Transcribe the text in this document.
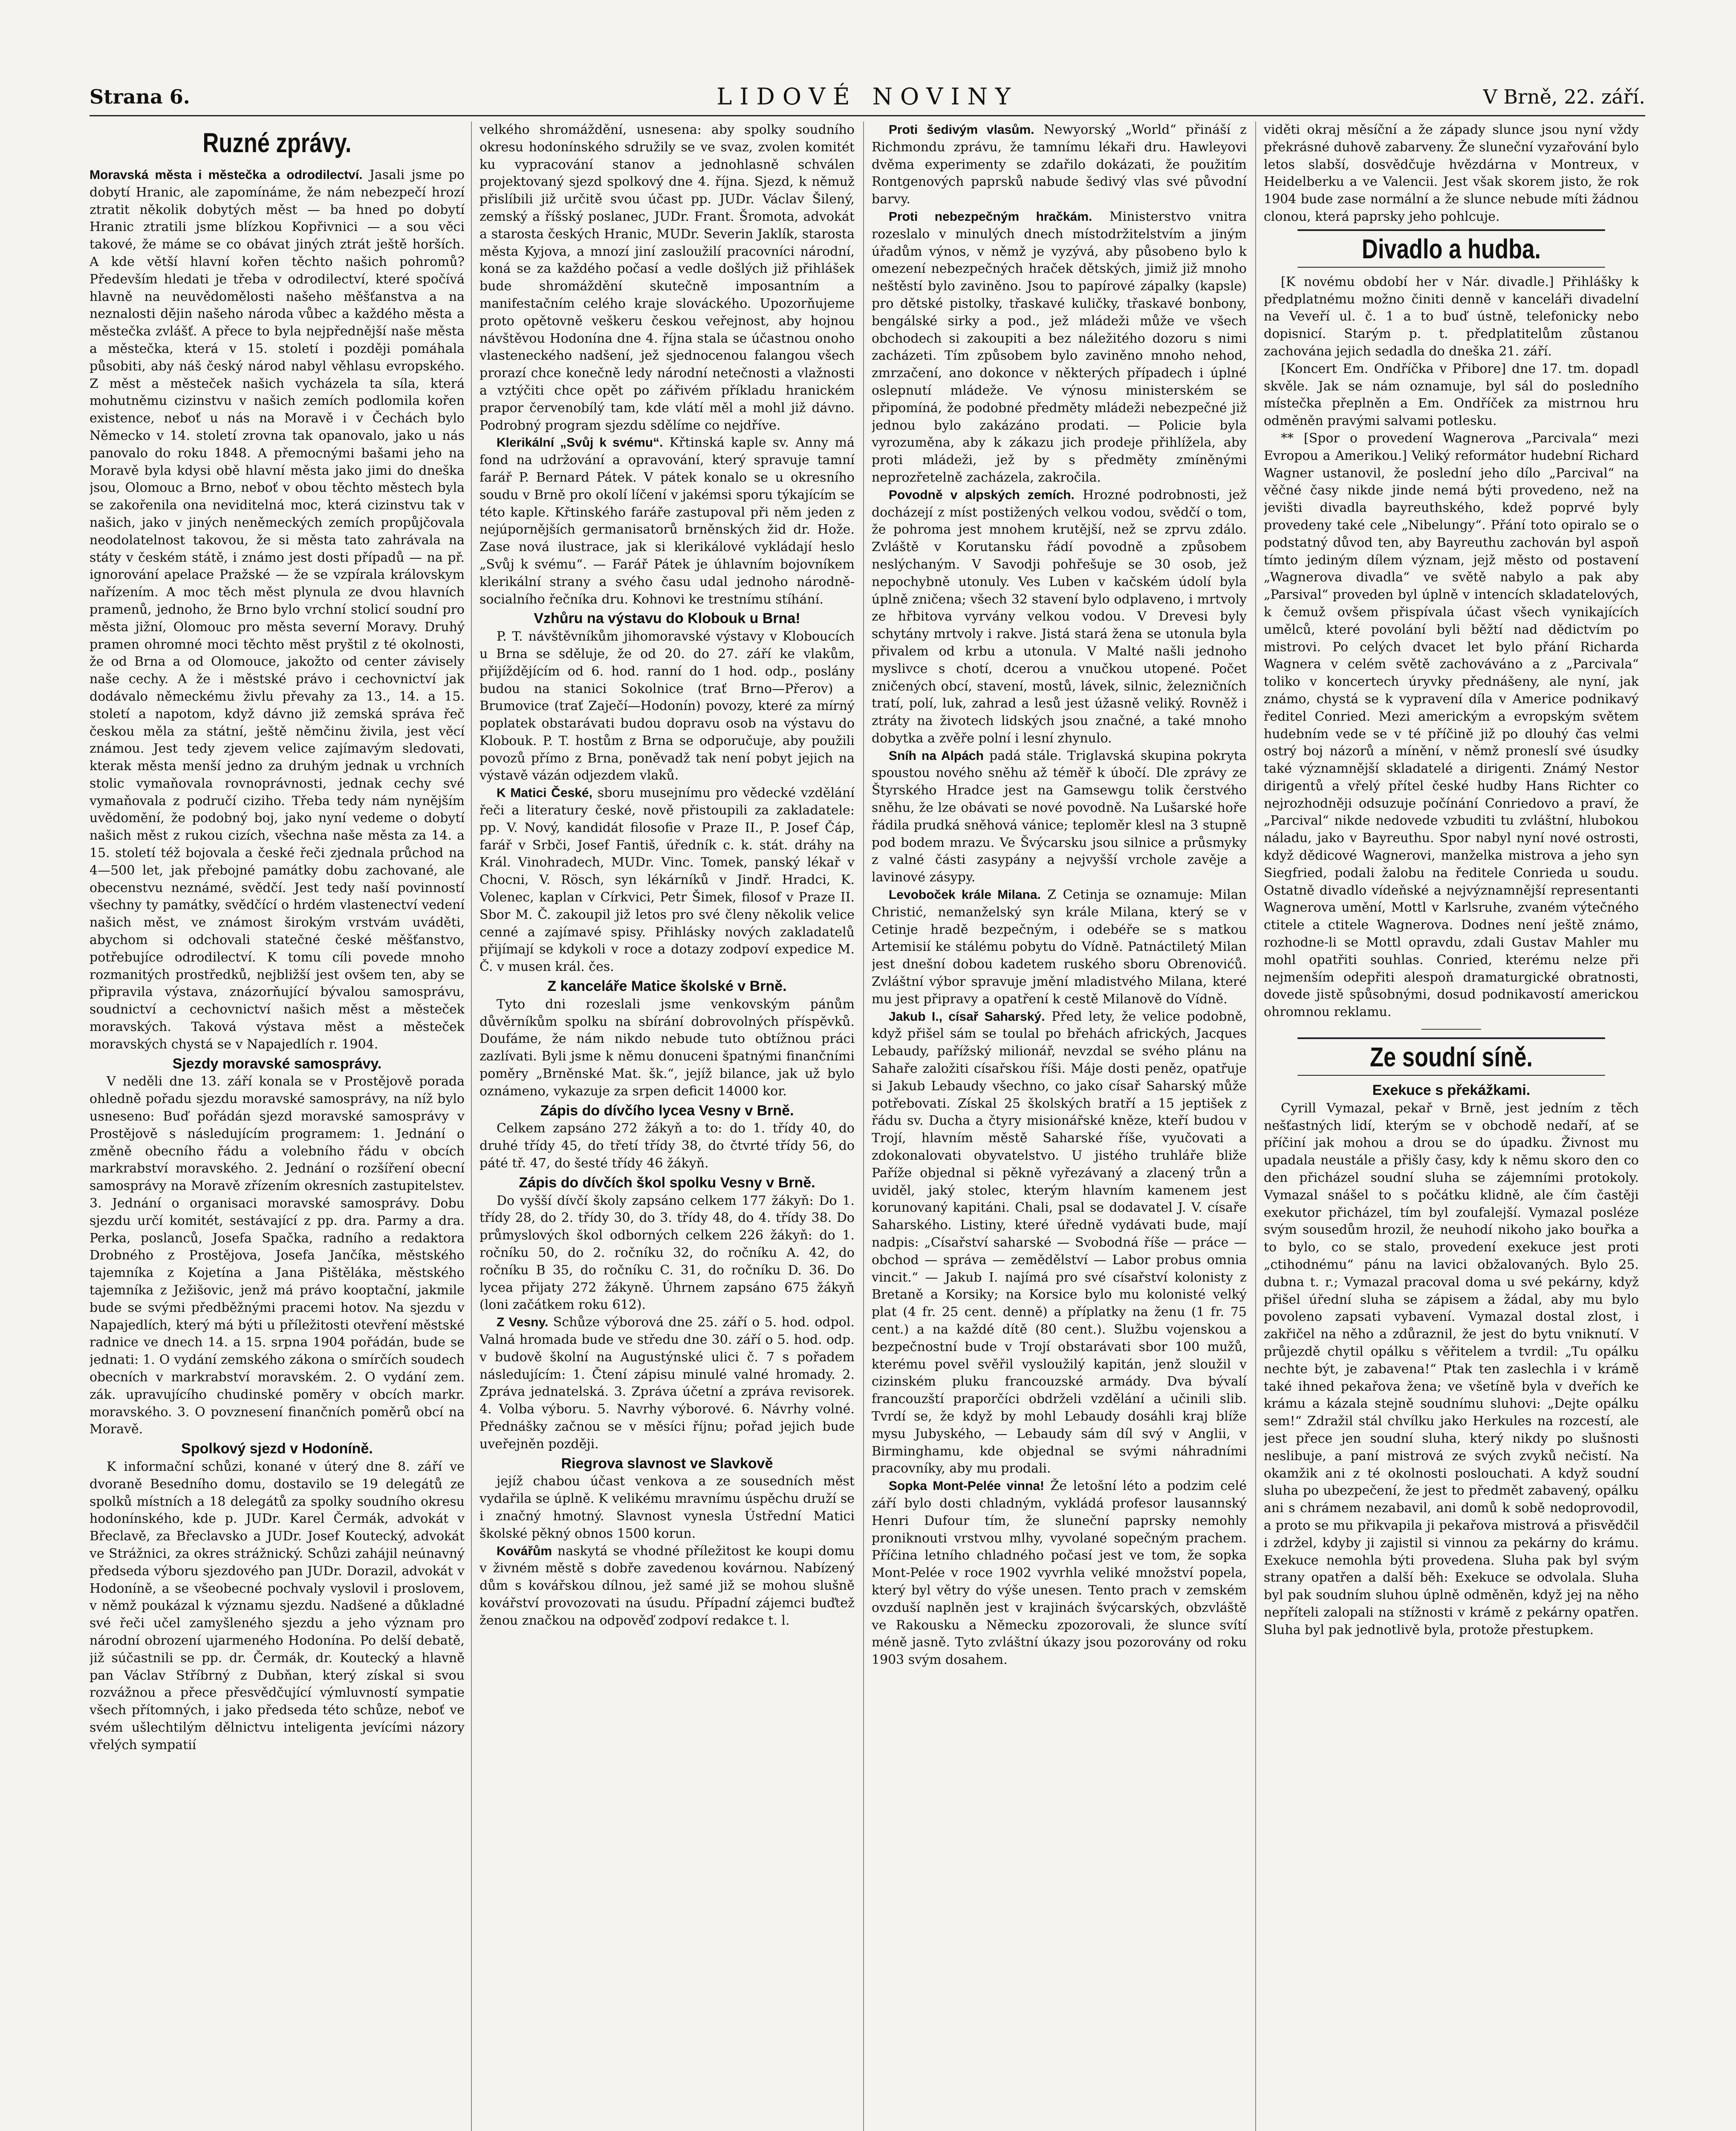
Strana 6.	LIDOVÉ NOVINY	V Brně, 22. září.
Ruzné zprávy.

Moravská města i městečka a odrodilectví. Jasali jsme po dobytí Hranic, ale zapomínáme, že nám nebezpečí hrozí ztratit několik dobytých měst — ba hned po dobytí Hranic ztratili jsme blízkou Kopřivnici — a sou věci takové, že máme se co obávat jiných ztrát ještě horších. A kde větší hlavní kořen těchto našich pohromů? Především hledati je třeba v odrodilectví, které spočívá hlavně na neuvědomělosti našeho měšťanstva a na neznalosti dějin našeho národa vůbec a každého města a městečka zvlášť. A přece to byla nejpřednější naše města a městečka, která v 15. století i později pomáhala působiti, aby náš český národ nabyl věhlasu evropského. Z měst a městeček našich vycházela ta síla, která mohutněmu cizinstvu v našich zemích podlomila kořen existence, neboť u nás na Moravě i v Čechách bylo Německo v 14. století zrovna tak opanovalo, jako u nás panovalo do roku 1848. A přemocnými bašami jeho na Moravě byla kdysi obě hlavní města jako jimi do dneška jsou, Olomouc a Brno, neboť v obou těchto městech byla se zakořenila ona neviditelná moc, která cizinstvu tak v našich, jako v jiných neněmeckých zemích propůjčovala neodolatelnost takovou, že si města tato zahrávala na státy v českém státě, i známo jest dosti případů — na př. ignorování apelace Pražské — že se vzpírala královskym nařízením. A moc těch měst plynula ze dvou hlavních pramenů, jednoho, že Brno bylo vrchní stolicí soudní pro města jižní, Olomouc pro města severní Moravy. Druhý pramen ohromné moci těchto měst pryštil z té okolnosti, že od Brna a od Olomouce, jakožto od center závisely naše cechy. A že i městské právo i cechovnictví jak dodávalo německému živlu převahy za 13., 14. a 15. století a napotom, když dávno již zemská správa řeč českou měla za státní, ještě němčinu živila, jest věcí známou. Jest tedy zjevem velice zajímavým sledovati, kterak města menší jedno za druhým jednak u vrchních stolic vymaňovala rovnoprávnosti, jednak cechy své vymaňovala z područí ciziho. Třeba tedy nám nynějším uvědomění, že podobný boj, jako nyní vedeme o dobytí našich měst z rukou cizích, všechna naše města za 14. a 15. století též bojovala a české řeči zjednala průchod na 4—500 let, jak přebojné památky dobu zachované, ale obecenstvu neznámé, svědčí. Jest tedy naší povinností všechny ty památky, svědčící o hrdém vlastenectví vedení našich měst, ve známost širokým vrstvám uváděti, abychom si odchovali statečné české měšťanstvo, potřebujíce odrodilectví. K tomu cíli povede mnoho rozmanitých prostředků, nejbližší jest ovšem ten, aby se připravila výstava, znázorňující bývalou samosprávu, soudnictví a cechovnictví našich měst a městeček moravských. Taková výstava měst a městeček moravských chystá se v Napajedlích r. 1904.

Sjezdy moravské samosprávy.

V neděli dne 13. září konala se v Prostějově porada ohledně pořadu sjezdu moravské samosprávy, na níž bylo usneseno: Buď pořádán sjezd moravské samosprávy v Prostějově s následujícím programem: 1. Jednání o změně obecního řádu a volebního řádu v obcích markrabství moravského. 2. Jednání o rozšíření obecní samosprávy na Moravě zřízením okresních zastupitelstev. 3. Jednání o organisaci moravské samosprávy. Dobu sjezdu určí komitét, sestávající z pp. dra. Parmy a dra. Perka, poslanců, Josefa Spačka, radního a redaktora Drobného z Prostějova, Josefa Jančíka, městského tajemníka z Kojetína a Jana Pištěláka, městského tajemníka z Ježišovic, jenž má právo kooptační, jakmile bude se svými předběžnými pracemi hotov. Na sjezdu v Napajedlích, který má býti u příležitosti otevření městské radnice ve dnech 14. a 15. srpna 1904 pořádán, bude se jednati: 1. O vydání zemského zákona o smírčích soudech obecních v markrabství moravském. 2. O vydání zem. zák. upravujícího chudinské poměry v obcích markr. moravského. 3. O povznesení finančních poměrů obcí na Moravě.

Spolkový sjezd v Hodoníně.

K informační schůzi, konané v úterý dne 8. září ve dvoraně Besedního domu, dostavilo se 19 delegátů ze spolků místních a 18 delegátů za spolky soudního okresu hodonínského, kde p. JUDr. Karel Čermák, advokát v Břeclavě, za Břeclavsko a JUDr. Josef Koutecký, advokát ve Strážnici, za okres strážnický. Schůzi zahájil neúnavný předseda výboru sjezdového pan JUDr. Dorazil, advokát v Hodoníně, a se všeobecné pochvaly vyslovil i proslovem, v němž poukázal k významu sjezdu. Nadšené a důkladné své řeči učel zamyšleného sjezdu a jeho význam pro národní obrození ujarmeného Hodonína. Po delší debatě, již súčastnili se pp. dr. Čermák, dr. Koutecký a hlavně pan Václav Stříbrný z Dubňan, který získal si svou rozvážnou a přece přesvědčující výmluvností sympatie všech přítomných, i jako předseda této schůze, neboť ve svém ušlechtilým dělnictvu inteligenta jevícími názory vřelých sympatií

velkého shromáždění, usnesena: aby spolky soudního okresu hodonínského sdružily se ve svaz, zvolen komitét ku vypracování stanov a jednohlasně schválen projektovaný sjezd spolkový dne 4. října. Sjezd, k němuž přislíbili již určitě svou účast pp. JUDr. Václav Šilený, zemský a říšský poslanec, JUDr. Frant. Šromota, advokát a starosta českých Hranic, MUDr. Severin Jaklík, starosta města Kyjova, a mnozí jiní zasloužilí pracovníci národní, koná se za každého počasí a vedle došlých již přihlášek bude shromáždění skutečně imposantním a manifestačním celého kraje slováckého. Upozorňujeme proto opětovně veškeru českou veřejnost, aby hojnou návštěvou Hodonína dne 4. října stala se účastnou onoho vlasteneckého nadšení, jež sjednocenou falangou všech prorazí chce konečně ledy národní netečnosti a vlažnosti a vztýčiti chce opět po zářivém příkladu hranickém prapor červenobílý tam, kde vlátí měl a mohl již dávno. Podrobný program sjezdu sdělíme co nejdříve.

Klerikální „Svůj k svému“. Křtinská kaple sv. Anny má fond na udržování a opravování, který spravuje tamní farář P. Bernard Pátek. V pátek konalo se u okresního soudu v Brně pro okolí líčení v jakémsi sporu týkajícím se této kaple. Křtinského faráře zastupoval při něm jeden z nejúpornějších germanisatorů brněnských žid dr. Hože. Zase nová ilustrace, jak si klerikálové vykládají heslo „Svůj k svému“. — Farář Pátek je úhlavním bojovníkem klerikální strany a svého času udal jednoho národně-socialního řečníka dru. Kohnovi ke trestnímu stíhání.

Vzhůru na výstavu do Klobouk u Brna!

P. T. návštěvníkům jihomoravské výstavy v Kloboucích u Brna se sděluje, že od 20. do 27. září ke vlakům, přijíždějícím od 6. hod. ranní do 1 hod. odp., poslány budou na stanici Sokolnice (trať Brno—Přerov) a Brumovice (trať Zaječí—Hodonín) povozy, které za mírný poplatek obstarávati budou dopravu osob na výstavu do Klobouk. P. T. hostům z Brna se odporučuje, aby použili povozů přímo z Brna, poněvadž tak není pobyt jejich na výstavě vázán odjezdem vlaků.

K Matici České, sboru musejnímu pro vědecké vzdělání řeči a literatury české, nově přistoupili za zakladatele: pp. V. Nový, kandidát filosofie v Praze II., P. Josef Čáp, farář v Srbči, Josef Fantiš, úředník c. k. stát. dráhy na Král. Vinohradech, MUDr. Vinc. Tomek, panský lékař v Chocni, V. Rösch, syn lékárníků v Jindř. Hradci, K. Volenec, kaplan v Církvici, Petr Šimek, filosof v Praze II. Sbor M. Č. zakoupil již letos pro své členy několik velice cenné a zajímavé spisy. Přihlásky nových zakladatelů přijímají se kdykoli v roce a dotazy zodpoví expedice M. Č. v musen král. čes.

Z kanceláře Matice školské v Brně.

Tyto dni rozeslali jsme venkovským pánům důvěrníkům spolku na sbírání dobrovolných příspěvků. Doufáme, že nám nikdo nebude tuto obtížnou práci zazlívati. Byli jsme k němu donuceni špatnými finančními poměry „Brněnské Mat. šk.“, jejíž bilance, jak už bylo oznámeno, vykazuje za srpen deficit 14000 kor.

Zápis do dívčího lycea Vesny v Brně.

Celkem zapsáno 272 žákyň a to: do 1. třídy 40, do druhé třídy 45, do třetí třídy 38, do čtvrté třídy 56, do páté tř. 47, do šesté třídy 46 žákyň.

Zápis do dívčích škol spolku Vesny v Brně.

Do vyšší dívčí školy zapsáno celkem 177 žákyň: Do 1. třídy 28, do 2. třídy 30, do 3. třídy 48, do 4. třídy 38. Do průmyslových škol odborných celkem 226 žákyň: do 1. ročníku 50, do 2. ročníku 32, do ročníku A. 42, do ročníku B 35, do ročníku C. 31, do ročníku D. 36. Do lycea přijaty 272 žákyně. Úhrnem zapsáno 675 žákyň (loni začátkem roku 612).

Z Vesny. Schůze výborová dne 25. září o 5. hod. odpol. Valná hromada bude ve středu dne 30. září o 5. hod. odp. v budově školní na Augustýnské ulici č. 7 s pořadem následujícím: 1. Čtení zápisu minulé valné hromady. 2. Zpráva jednatelská. 3. Zpráva účetní a zpráva revisorek. 4. Volba výboru. 5. Navrhy výborové. 6. Návrhy volné. Přednášky začnou se v měsíci říjnu; pořad jejich bude uveřejněn později.

Riegrova slavnost ve Slavkově

jejíž chabou účast venkova a ze sousedních měst vydařila se úplně. K velikému mravnímu úspěchu druží se i značný hmotný. Slavnost vynesla Ústřední Matici školské pěkný obnos 1500 korun.

Kovářům naskytá se vhodné příležitost ke koupi domu v živném městě s dobře zavedenou kovárnou. Nabízený dům s kovářskou dílnou, jež samé již se mohou slušně kovářství provozovati na úsudu. Případní zájemci buďtež ženou značkou na odpověď zodpoví redakce t. l.

Proti šedivým vlasům. Newyorský „World“ přináší z Richmondu zprávu, že tamnímu lékaři dru. Hawleyovi dvěma experimenty se zdařilo dokázati, že použitím Rontgenových paprsků nabude šedivý vlas své původní barvy.

Proti nebezpečným hračkám. Ministerstvo vnitra rozeslalo v minulých dnech místodržitelstvím a jiným úřadům výnos, v němž je vyzývá, aby působeno bylo k omezení nebezpečných hraček dětských, jimiž již mnoho neštěstí bylo zaviněno. Jsou to papírové zápalky (kapsle) pro dětské pistolky, třaskavé kuličky, třaskavé bonbony, bengálské sirky a pod., jež mládeži může ve všech obchodech si zakoupiti a bez náležitého dozoru s nimi zacházeti. Tím způsobem bylo zaviněno mnoho nehod, zmrzačení, ano dokonce v některých případech i úplné oslepnutí mládeže. Ve výnosu ministerském se připomíná, že podobné předměty mládeži nebezpečné již jednou bylo zakázáno prodati. — Policie byla vyrozuměna, aby k zákazu jich prodeje přihlížela, aby proti mládeži, jež by s předměty zmíněnými neprozřetelně zacházela, zakročila.

Povodně v alpských zemích. Hrozné podrobnosti, jež docházejí z míst postižených velkou vodou, svědčí o tom, že pohroma jest mnohem krutější, než se zprvu zdálo. Zvláště v Korutansku řádí povodně a způsobem neslýchaným. V Savodji pohřešuje se 30 osob, jež nepochybně utonuly. Ves Luben v kačském údolí byla úplně zničena; všech 32 stavení bylo odplaveno, i mrtvoly ze hřbitova vyrvány velkou vodou. V Drevesi byly schytány mrtvoly i rakve. Jistá stará žena se utonula byla přivalem od krbu a utonula. V Malté našli jednoho myslivce s chotí, dcerou a vnučkou utopené. Počet zničených obcí, stavení, mostů, lávek, silnic, železničních tratí, polí, luk, zahrad a lesů jest úžasně veliký. Rovněž i ztráty na životech lidských jsou značné, a také mnoho dobytka a zvěře polní i lesní zhynulo.

Sníh na Alpách padá stále. Triglavská skupina pokryta spoustou nového sněhu až téměř k úbočí. Dle zprávy ze Štyrského Hradce jest na Gamsewgu tolik čerstvého sněhu, že lze obávati se nové povodně. Na Lušarské hoře řádila prudká sněhová vánice; teploměr klesl na 3 stupně pod bodem mrazu. Ve Švýcarsku jsou silnice a průsmyky z valné části zasypány a nejvyšší vrchole zavěje a lavinové zásypy.

Levoboček krále Milana. Z Cetinja se oznamuje: Milan Christić, nemanželský syn krále Milana, který se v Cetinje hradě bezpečným, i odebéře se s matkou Artemisií ke stálému pobytu do Vídně. Patnáctiletý Milan jest dnešní dobou kadetem ruského sboru Obrenovićů. Zvláštní výbor spravuje jmění mladistvého Milana, které mu jest připravy a opatření k cestě Milanově do Vídně.

Jakub I., císař Saharský. Před lety, že velice podobně, když přišel sám se toulal po břehách afrických, Jacques Lebaudy, pařížský milionář, nevzdal se svého plánu na Sahaře založiti císařskou říši. Máje dosti peněz, opatřuje si Jakub Lebaudy všechno, co jako císař Saharský může potřebovati. Získal 25 školských bratří a 15 jeptišek z řádu sv. Ducha a čtyry misionářské kněze, kteří budou v Trojí, hlavním městě Saharské říše, vyučovati a zdokonalovati obyvatelstvo. U jistého truhláře bliže Paříže objednal si pěkně vyřezávaný a zlacený trůn a uviděl, jaký stolec, kterým hlavním kamenem jest korunovaný kapitáni. Chali, psal se dodavatel J. V. císaře Saharského. Listiny, které úředně vydávati bude, mají nadpis: „Císařství saharské — Svobodná říše — práce — obchod — správa — zemědělství — Labor probus omnia vincit.“ — Jakub I. najímá pro své císařství kolonisty z Bretaně a Korsiky; na Korsice bylo mu kolonisté velký plat (4 fr. 25 cent. denně) a příplatky na ženu (1 fr. 75 cent.) a na každé dítě (80 cent.). Službu vojenskou a bezpečnostní bude v Trojí obstarávati sbor 100 mužů, kterému povel svěřil vysloužilý kapitán, jenž sloužil v cizinském pluku francouzské armády. Dva bývalí francouzští praporčíci obdrželi vzdělání a učinili slib. Tvrdí se, že když by mohl Lebaudy dosáhli kraj blíže mysu Jubyského, — Lebaudy sám díl svý v Anglii, v Birminghamu, kde objednal se svými náhradními pracovníky, aby mu prodali.

Sopka Mont-Pelée vinna! Že letošní léto a podzim celé září bylo dosti chladným, vykládá profesor lausannský Henri Dufour tím, že sluneční paprsky nemohly proniknouti vrstvou mlhy, vyvolané sopečným prachem. Příčina letního chladného počasí jest ve tom, že sopka Mont-Pelée v roce 1902 vyvrhla veliké množství popela, který byl větry do výše unesen. Tento prach v zemském ovzduší naplněn jest v krajinách švýcarských, obzvláště ve Rakousku a Německu zpozorovali, že slunce svítí méně jasně. Tyto zvláštní úkazy jsou pozorovány od roku 1903 svým dosahem.

viděti okraj měsíční a že západy slunce jsou nyní vždy překrásné duhově zabarveny. Že sluneční vyzařování bylo letos slabší, dosvědčuje hvězdárna v Montreux, v Heidelberku a ve Valencii. Jest však skorem jisto, že rok 1904 bude zase normální a že slunce nebude míti žádnou clonou, která paprsky jeho pohlcuje.

Divadlo a hudba.

[K novému období her v Nár. divadle.] Přihlášky k předplatnému možno činiti denně v kanceláři divadelní na Veveří ul. č. 1 a to buď ústně, telefonicky nebo dopisnicí. Starým p. t. předplatitelům zůstanou zachována jejich sedadla do dneška 21. září.

[Koncert Em. Ondříčka v Přibore] dne 17. tm. dopadl skvěle. Jak se nám oznamuje, byl sál do posledního místečka přeplněn a Em. Ondříček za mistrnou hru odměněn pravými salvami potlesku.

** [Spor o provedení Wagnerova „Parcivala“ mezi Evropou a Amerikou.] Veliký reformátor hudební Richard Wagner ustanovil, že poslední jeho dílo „Parcival“ na věčné časy nikde jinde nemá býti provedeno, než na jevišti divadla bayreuthského, kdež poprvé byly provedeny také cele „Nibelungy“. Přání toto opiralo se o podstatný důvod ten, aby Bayreuthu zachován byl aspoň tímto jediným dílem význam, jejž město od postavení „Wagnerova divadla“ ve světě nabylo a pak aby „Parsival“ proveden byl úplně v intencích skladatelových, k čemuž ovšem přispívala účast všech vynikajících umělců, které povolání byli běžtí nad dědictvím po mistrovi. Po celých dvacet let bylo přání Richarda Wagnera v celém světě zachováváno a z „Parcivala“ toliko v koncertech úryvky přednášeny, ale nyní, jak známo, chystá se k vypravení díla v Americe podnikavý ředitel Conried. Mezi americkým a evropským světem hudebním vede se v té příčině již po dlouhý čas velmi ostrý boj názorů a mínění, v němž proneslí své úsudky také významnější skladatelé a dirigenti. Známý Nestor dirigentů a vřelý přítel české hudby Hans Richter co nejrozhodněji odsuzuje počínání Conriedovo a praví, že „Parcival“ nikde nedovede vzbuditi tu zvláštní, hlubokou náladu, jako v Bayreuthu. Spor nabyl nyní nové ostrosti, když dědicové Wagnerovi, manželka mistrova a jeho syn Siegfried, podali žalobu na ředitele Conrieda u soudu. Ostatně divadlo vídeňské a nejvýznamnější representanti Wagnerova umění, Mottl v Karlsruhe, zvaném výtečného ctitele a ctitele Wagnerova. Dodnes není ještě známo, rozhodne-li se Mottl opravdu, zdali Gustav Mahler mu mohl opatřiti souhlas. Conried, kterému nelze při nejmenším odepřiti alespoň dramaturgické obratnosti, dovede jistě spůsobnými, dosud podnikavostí americkou ohromnou reklamu.

Ze soudní síně.
Exekuce s překážkami.

Cyrill Vymazal, pekař v Brně, jest jedním z těch nešťastných lidí, kterým se v obchodě nedaří, ať se příčiní jak mohou a drou se do úpadku. Živnost mu upadala neustále a přišly časy, kdy k němu skoro den co den přicházel soudní sluha se zájemními protokoly. Vymazal snášel to s počátku klidně, ale čím častěji exekutor přicházel, tím byl zoufalejší. Vymazal posléze svým sousedům hrozil, že neuhodí nikoho jako bouřka a to bylo, co se stalo, provedení exekuce jest proti „ctihodnému“ pánu na lavici obžalovaných. Bylo 25. dubna t. r.; Vymazal pracoval doma u své pekárny, když přišel úřední sluha se zápisem a žádal, aby mu bylo povoleno zapsati vybavení. Vymazal dostal zlost, i zakřičel na něho a zdůraznil, že jest do bytu vniknutí. V průjezdě chytil opálku s věřitelem a tvrdil: „Tu opálku nechte být, je zabavena!“ Ptak ten zaslechla i v krámě také ihned pekařova žena; ve všetíně byla v dveřích ke krámu a kázala stejně soudnímu sluhovi: „Dejte opálku sem!“ Zdražil stál chvílku jako Herkules na rozcestí, ale jest přece jen soudní sluha, který nikdy po slušnosti neslibuje, a paní mistrová ze svých zvyků nečistí. Na okamžik ani z té okolnosti poslouchati. A když soudní sluha po ubezpečení, že jest to předmět zabavený, opálku ani s chrámem nezabavil, ani domů k sobě nedoprovodil, a proto se mu přikvapila ji pekařova mistrová a přisvědčil i zdržel, kdyby ji zajistil si vinnou za pekárny do krámu. Exekuce nemohla býti provedena. Sluha pak byl svým strany opatřen a další běh: Exekuce se odvolala. Sluha byl pak soudním sluhou úplně odměněn, když jej na něho nepříteli zalopali na stížnosti v krámě z pekárny opatřen. Sluha byl pak jednotlivě byla, protože přestupkem.
